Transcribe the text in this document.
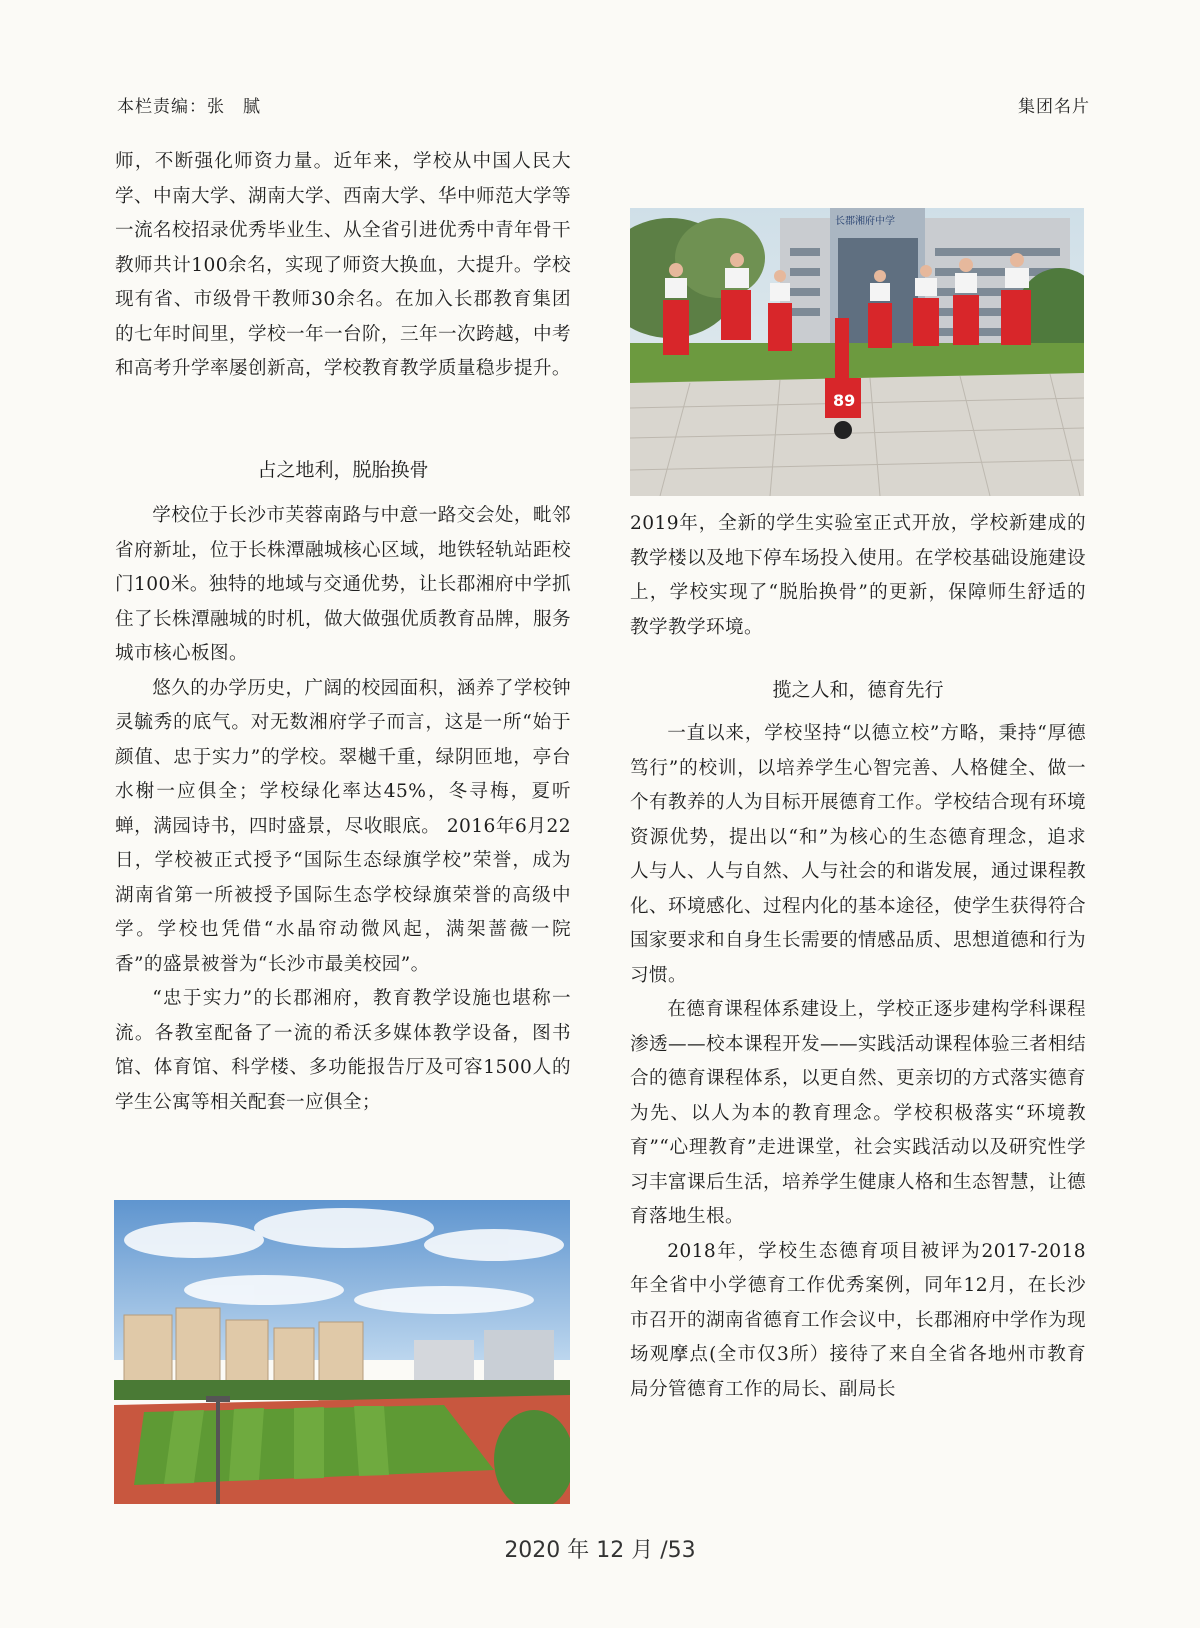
本栏责编：张　腻	集团名片

师，不断强化师资力量。近年来，学校从中国人民大学、中南大学、湖南大学、西南大学、华中师范大学等一流名校招录优秀毕业生、从全省引进优秀中青年骨干教师共计100余名，实现了师资大换血，大提升。学校现有省、市级骨干教师30余名。在加入长郡教育集团的七年时间里，学校一年一台阶，三年一次跨越，中考和高考升学率屡创新高，学校教育教学质量稳步提升。

占之地利，脱胎换骨

学校位于长沙市芙蓉南路与中意一路交会处，毗邻省府新址，位于长株潭融城核心区域，地铁轻轨站距校门100米。独特的地域与交通优势，让长郡湘府中学抓住了长株潭融城的时机，做大做强优质教育品牌，服务城市核心板图。

悠久的办学历史，广阔的校园面积，涵养了学校钟灵毓秀的底气。对无数湘府学子而言，这是一所“始于颜值、忠于实力”的学校。翠樾千重，绿阴匝地，亭台水榭一应俱全；学校绿化率达45%，冬寻梅，夏听蝉，满园诗书，四时盛景，尽收眼底。 2016年6月22日，学校被正式授予“国际生态绿旗学校”荣誉，成为湖南省第一所被授予国际生态学校绿旗荣誉的高级中学。学校也凭借“水晶帘动微风起，满架蔷薇一院香”的盛景被誉为“长沙市最美校园”。

“忠于实力”的长郡湘府，教育教学设施也堪称一流。各教室配备了一流的希沃多媒体教学设备，图书馆、体育馆、科学楼、多功能报告厅及可容1500人的学生公寓等相关配套一应俱全；

长郡湘府中学
89

2019年，全新的学生实验室正式开放，学校新建成的教学楼以及地下停车场投入使用。在学校基础设施建设上，学校实现了“脱胎换骨”的更新，保障师生舒适的教学教学环境。

揽之人和，德育先行

一直以来，学校坚持“以德立校”方略，秉持“厚德笃行”的校训，以培养学生心智完善、人格健全、做一个有教养的人为目标开展德育工作。学校结合现有环境资源优势，提出以“和”为核心的生态德育理念，追求人与人、人与自然、人与社会的和谐发展，通过课程教化、环境感化、过程内化的基本途径，使学生获得符合国家要求和自身生长需要的情感品质、思想道德和行为习惯。

在德育课程体系建设上，学校正逐步建构学科课程渗透——校本课程开发——实践活动课程体验三者相结合的德育课程体系，以更自然、更亲切的方式落实德育为先、以人为本的教育理念。学校积极落实“环境教育”“心理教育”走进课堂，社会实践活动以及研究性学习丰富课后生活，培养学生健康人格和生态智慧，让德育落地生根。

2018年，学校生态德育项目被评为2017-2018年全省中小学德育工作优秀案例，同年12月，在长沙市召开的湖南省德育工作会议中，长郡湘府中学作为现场观摩点(全市仅3所）接待了来自全省各地州市教育局分管德育工作的局长、副局长

2020 年 12 月 /53
